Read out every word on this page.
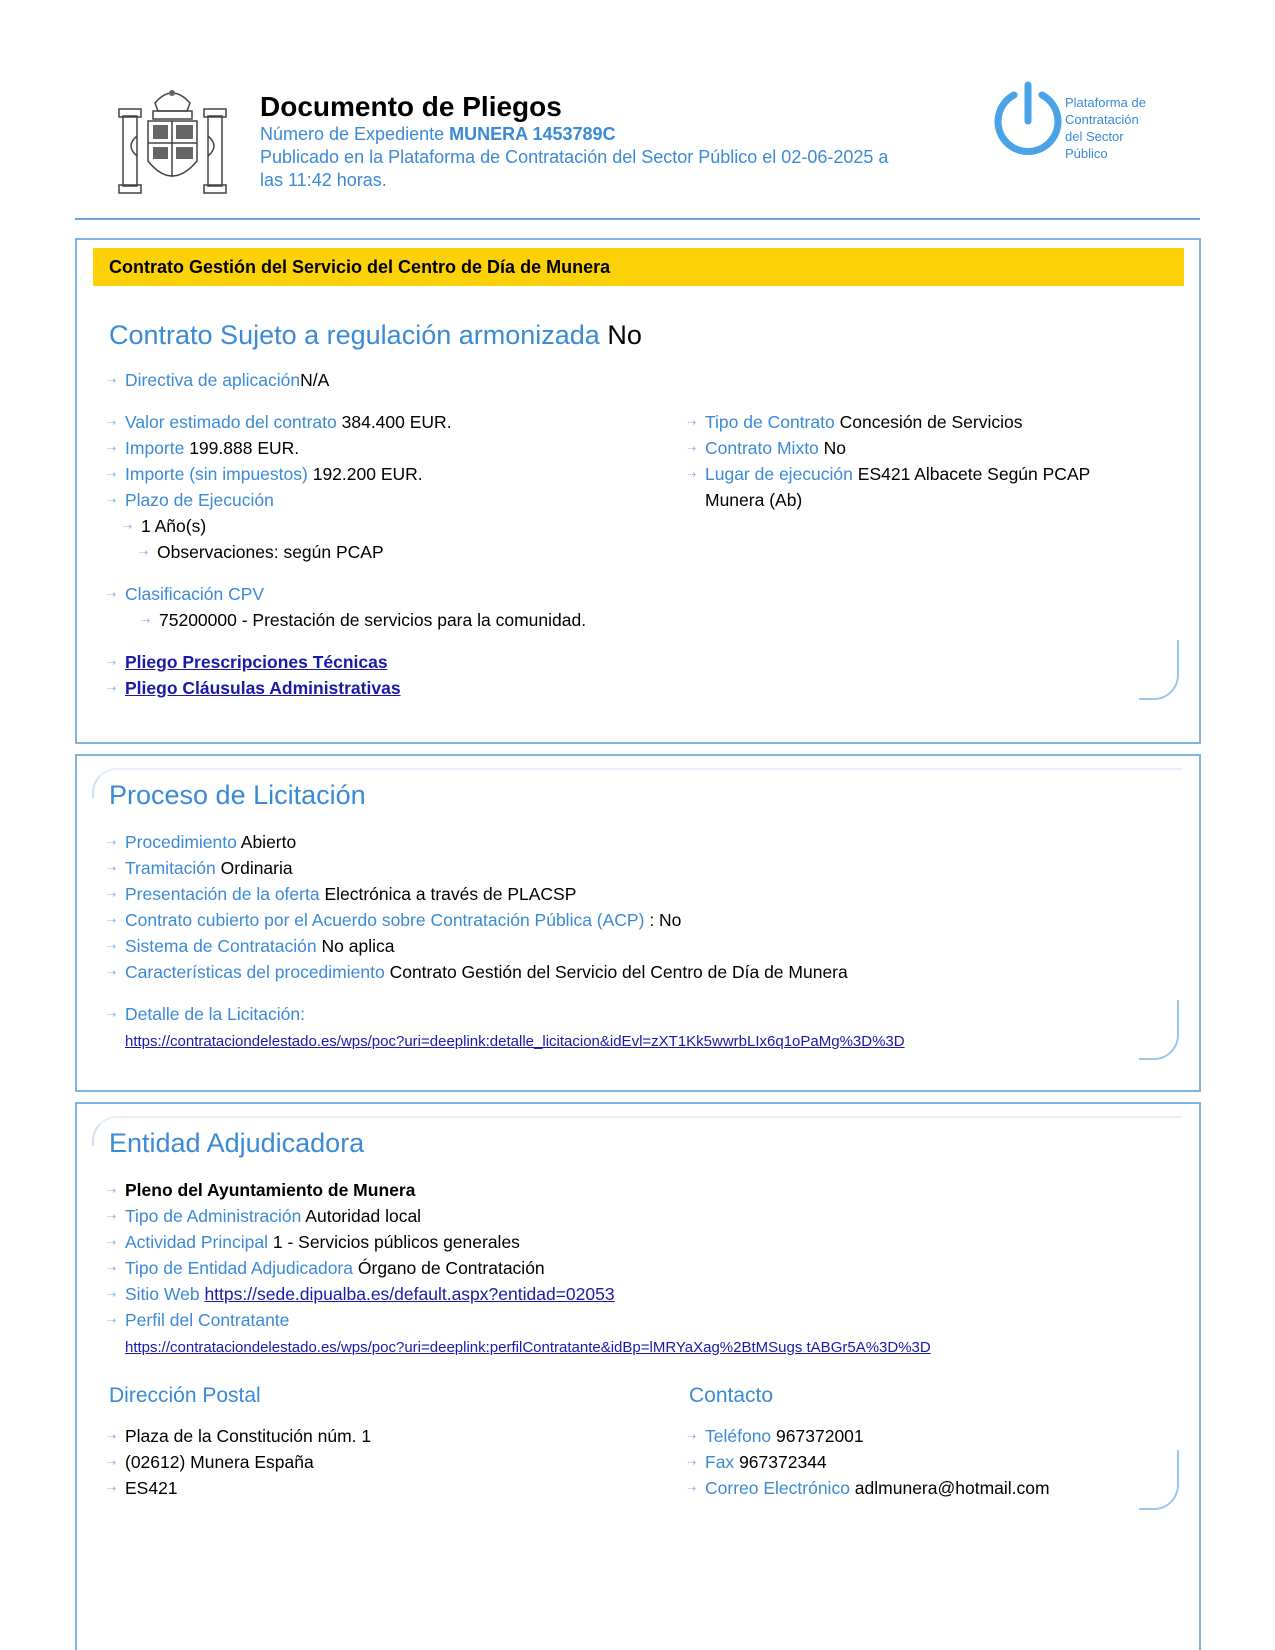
Documento de Pliegos
Número de Expediente MUNERA 1453789C
Publicado en la Plataforma de Contratación del Sector Público el 02-06-2025 a
las 11:42 horas.
Plataforma de
Contratación
del Sector
Público
Contrato Gestión del Servicio del Centro de Día de Munera
Contrato Sujeto a regulación armonizada No
⇢ Directiva de aplicaciónN/A
⇢ Valor estimado del contrato 384.400 EUR.
⇢ Importe 199.888 EUR.
⇢ Importe (sin impuestos) 192.200 EUR.
⇢ Plazo de Ejecución
⇢ 1 Año(s)
⇢ Observaciones: según PCAP
⇢ Tipo de Contrato Concesión de Servicios
⇢ Contrato Mixto No
⇢ Lugar de ejecución ES421 Albacete Según PCAP
Munera (Ab)
⇢ Clasificación CPV
⇢ 75200000 - Prestación de servicios para la comunidad.
⇢ Pliego Prescripciones Técnicas
⇢ Pliego Cláusulas Administrativas
Proceso de Licitación
⇢ Procedimiento Abierto
⇢ Tramitación Ordinaria
⇢ Presentación de la oferta Electrónica a través de PLACSP
⇢ Contrato cubierto por el Acuerdo sobre Contratación Pública (ACP) : No
⇢ Sistema de Contratación No aplica
⇢ Características del procedimiento Contrato Gestión del Servicio del Centro de Día de Munera
⇢ Detalle de la Licitación:
https://contrataciondelestado.es/wps/poc?uri=deeplink:detalle_licitacion&idEvl=zXT1Kk5wwrbLIx6q1oPaMg%3D%3D
Entidad Adjudicadora
⇢ Pleno del Ayuntamiento de Munera
⇢ Tipo de Administración Autoridad local
⇢ Actividad Principal 1 - Servicios públicos generales
⇢ Tipo de Entidad Adjudicadora Órgano de Contratación
⇢ Sitio Web https://sede.dipualba.es/default.aspx?entidad=02053
⇢ Perfil del Contratante
https://contrataciondelestado.es/wps/poc?uri=deeplink:perfilContratante&idBp=lMRYaXag%2BtMSugs tABGr5A%3D%3D
Dirección Postal
⇢ Plaza de la Constitución núm. 1
⇢ (02612) Munera España
⇢ ES421
Contacto
⇢ Teléfono 967372001
⇢ Fax 967372344
⇢ Correo Electrónico adlmunera@hotmail.com
